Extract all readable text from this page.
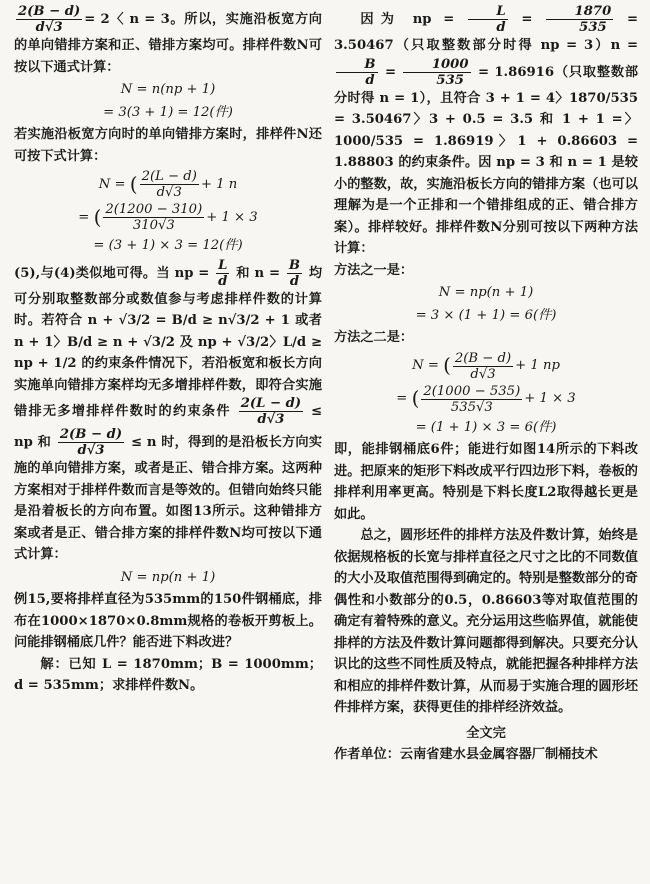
$\frac{2(B - d)}{d√3} = 2$〈 n = 3。所以，实施沿板宽方向的单向错排方案和正、错排方案均可。排样件数N可按以下通式计算：

N = n(np + 1)
= 3(3 + 1) = 12(件)

若实施沿板宽方向时的单向错排方案时，排样件N还可按下式计算：

N =
( $\frac{2(L - d)}{d√3} + 1$ n
=
( $\frac{2(1200 - 310)}{310√3} + 1 \times 3$
= (3 + 1) × 3 = 12(件)

(5),与(4)类似地可得。当 np = $\frac{L}{d}$ 和 $n = \frac{B}{d}$ 均可分别取整数部分或数值参与考虑排样件数的计算时。若符合 n + √3/2 = B/d ≥ n√3/2 + 1 或者 n + 1〉B/d ≥ n + √3/2 及 np + √3/2〉L/d ≥ np + 1/2 的约束条件情况下，若沿板宽和板长方向实施单向错排方案样均无多增排样件数，即符合实施错排无多增排样件数时的约束条件 $\frac{2(L - d)}{d√3}$ ≤ np 和 $\frac{2(B - d)}{d√3} \le n$ 时，得到的是沿板长方向实施的单向错排方案，或者是正、错合排方案。这两种方案相对于排样件数而言是等效的。但错向始终只能是沿着板长的方向布置。如图13所示。这种错排方案或者是正、错合排方案的排样件数N均可按以下通式计算：

N = np(n + 1)

例15,要将排样直径为535mm的150件钢桶底，排布在1000×1870×0.8mm规格的卷板开剪板上。问能排钢桶底几件？能否进下料改进？

解：已知 L = 1870mm；B = 1000mm；d = 535mm；求排样件数N。

因为 np = $\frac{L}{d} = \frac{1870}{535} = 3.50467$（只取整数部分时得 np = 3）n =
$\frac{B}{d} = \frac{1000}{535} = 1.86916$（只取整数部分时得 n = 1），且符合 3 + 1 = 4〉1870/535 = 3.50467〉3 + 0.5 = 3.5 和 1 + 1 =〉1000/535 = 1.86919〉1 + 0.86603 = 1.88803 的约束条件。因 np = 3 和 n = 1 是较小的整数，故，实施沿板长方向的错排方案（也可以理解为是一个正排和一个错排组成的正、错合排方案）。排样较好。排样件数N分别可按以下两种方法计算：

方法之一是：

N = np(n + 1)
= 3 × (1 + 1) = 6(件)

方法之二是：

N =
( $\frac{2(B - d)}{d√3} + 1$ np
=
( $\frac{2(1000 - 535)}{535√3} + 1 \times 3$
= (1 + 1) × 3 = 6(件)

即，能排钢桶底6件；能进行如图14所示的下料改进。把原来的矩形下料改成平行四边形下料，卷板的排样利用率更高。特别是下料长度L2取得越长更是如此。

总之，圆形坯件的排样方法及件数计算，始终是依据规格板的长宽与排样直径之尺寸之比的不同数值的大小及取值范围得到确定的。特别是整数部分的奇偶性和小数部分的0.5，0.86603等对取值范围的确定有着特殊的意义。充分运用这些临界值，就能使排样的方法及件数计算问题都得到解决。只要充分认识比的这些不同性质及特点，就能把握各种排样方法和相应的排样件数计算，从而易于实施合理的圆形坯件排样方案，获得更佳的排样经济效益。

全文完
作者单位：云南省建水县金属容器厂制桶技术
